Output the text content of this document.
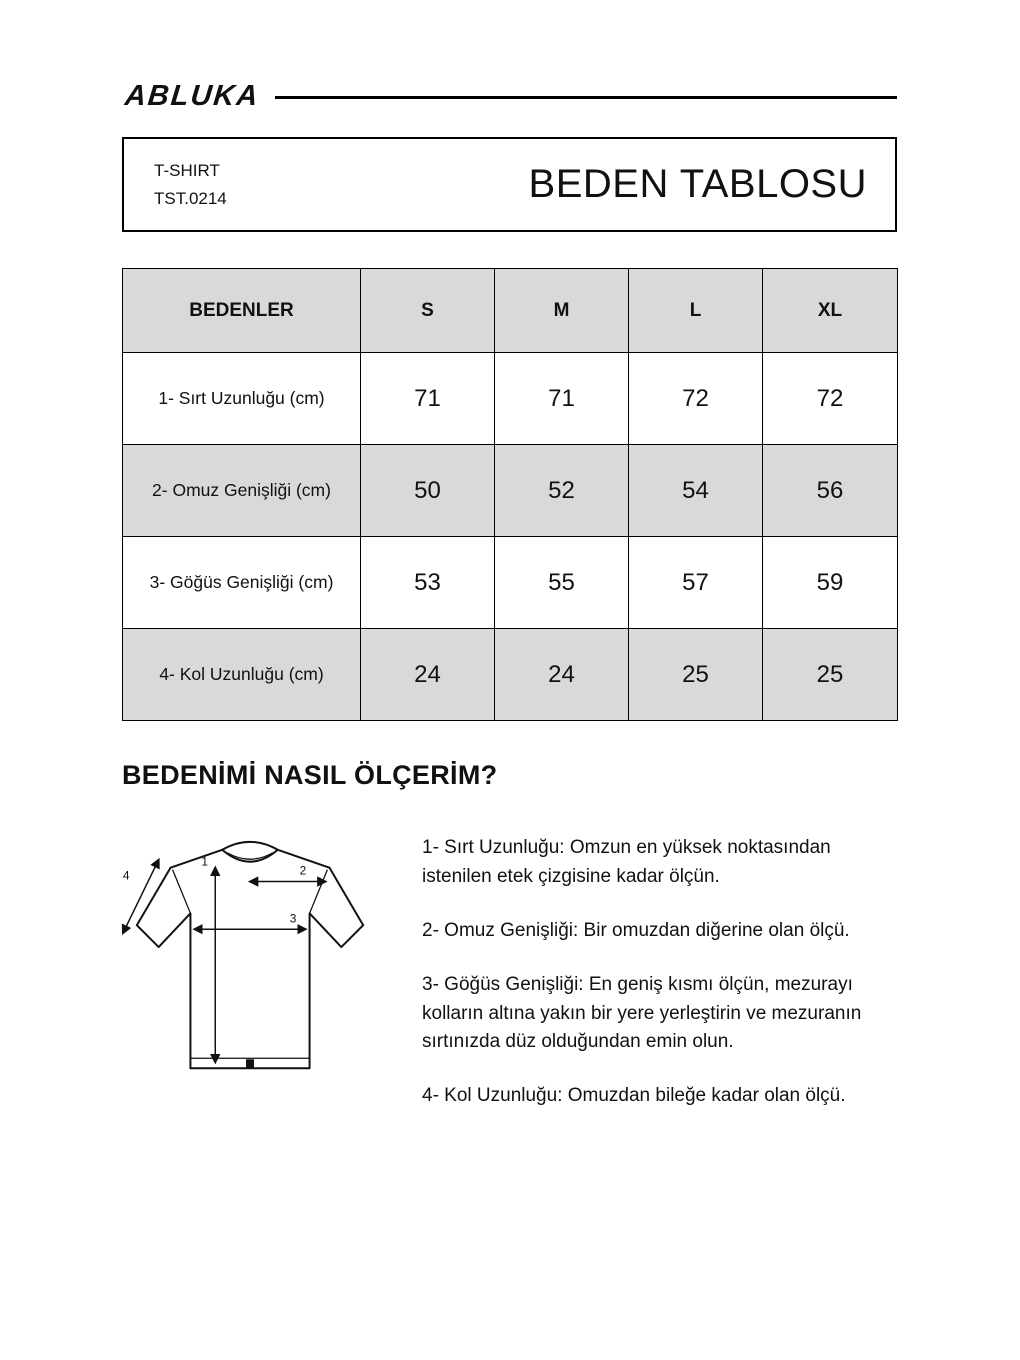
ABLUKA
T-SHIRT
TST.0214	BEDEN TABLOSU
BEDENLER	S	M	L	XL
1- Sırt Uzunluğu (cm)	71	71	72	72
2- Omuz Genişliği (cm)	50	52	54	56
3- Göğüs Genişliği (cm)	53	55	57	59
4- Kol Uzunluğu (cm)	24	24	25	25
BEDENİMİ NASIL ÖLÇERİM?
1
2
3
4

1- Sırt Uzunluğu: Omzun en yüksek noktasından istenilen etek çizgisine kadar ölçün.

2- Omuz Genişliği: Bir omuzdan diğerine olan ölçü.

3- Göğüs Genişliği: En geniş kısmı ölçün, mezurayı kolların altına yakın bir yere yerleştirin ve mezuranın sırtınızda düz olduğundan emin olun.

4- Kol Uzunluğu: Omuzdan bileğe kadar olan ölçü.
